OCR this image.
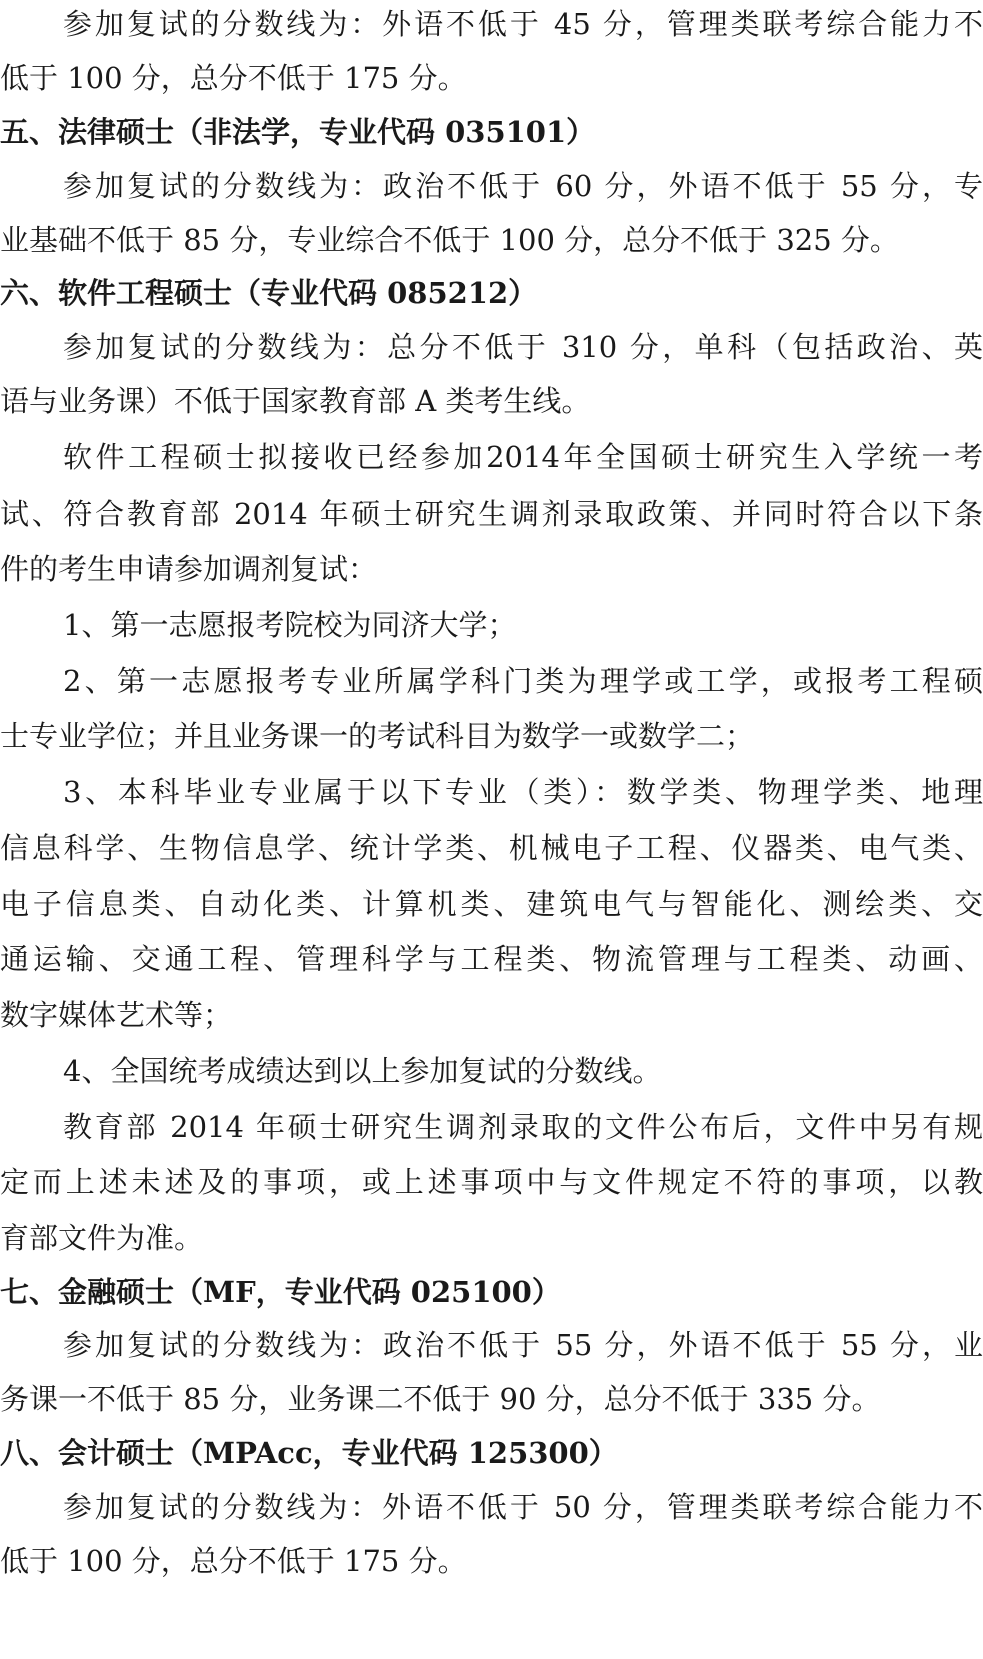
参加复试的分数线为：外语不低于 45 分，管理类联考综合能力不

低于 100 分，总分不低于 175 分。

五、法律硕士（非法学，专业代码 035101）

参加复试的分数线为：政治不低于 60 分，外语不低于 55 分，专

业基础不低于 85 分，专业综合不低于 100 分，总分不低于 325 分。

六、软件工程硕士（专业代码 085212）

参加复试的分数线为：总分不低于 310 分，单科（包括政治、英

语与业务课）不低于国家教育部 A 类考生线。

软件工程硕士拟接收已经参加2014年全国硕士研究生入学统一考

试、符合教育部 2014 年硕士研究生调剂录取政策、并同时符合以下条

件的考生申请参加调剂复试：

1、第一志愿报考院校为同济大学；

2、第一志愿报考专业所属学科门类为理学或工学，或报考工程硕

士专业学位；并且业务课一的考试科目为数学一或数学二；

3、本科毕业专业属于以下专业（类）：数学类、物理学类、地理

信息科学、生物信息学、统计学类、机械电子工程、仪器类、电气类、

电子信息类、自动化类、计算机类、建筑电气与智能化、测绘类、交

通运输、交通工程、管理科学与工程类、物流管理与工程类、动画、

数字媒体艺术等；

4、全国统考成绩达到以上参加复试的分数线。

教育部 2014 年硕士研究生调剂录取的文件公布后，文件中另有规

定而上述未述及的事项，或上述事项中与文件规定不符的事项，以教

育部文件为准。

七、金融硕士（MF，专业代码 025100）

参加复试的分数线为：政治不低于 55 分，外语不低于 55 分，业

务课一不低于 85 分，业务课二不低于 90 分，总分不低于 335 分。

八、会计硕士（MPAcc，专业代码 125300）

参加复试的分数线为：外语不低于 50 分，管理类联考综合能力不

低于 100 分，总分不低于 175 分。
